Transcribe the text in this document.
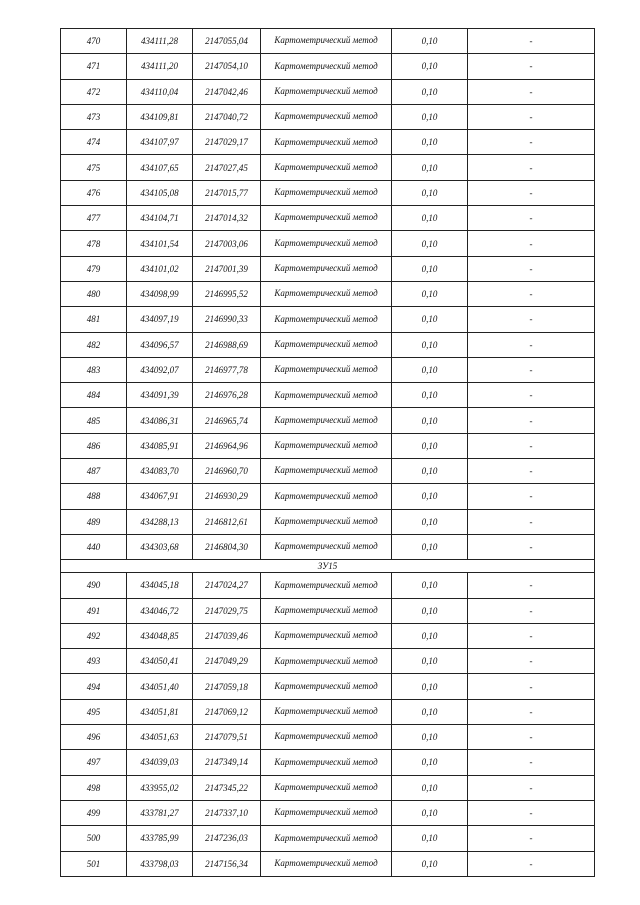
470	434111,28	2147055,04	Картометрический метод	0,10	-
471	434111,20	2147054,10	Картометрический метод	0,10	-
472	434110,04	2147042,46	Картометрический метод	0,10	-
473	434109,81	2147040,72	Картометрический метод	0,10	-
474	434107,97	2147029,17	Картометрический метод	0,10	-
475	434107,65	2147027,45	Картометрический метод	0,10	-
476	434105,08	2147015,77	Картометрический метод	0,10	-
477	434104,71	2147014,32	Картометрический метод	0,10	-
478	434101,54	2147003,06	Картометрический метод	0,10	-
479	434101,02	2147001,39	Картометрический метод	0,10	-
480	434098,99	2146995,52	Картометрический метод	0,10	-
481	434097,19	2146990,33	Картометрический метод	0,10	-
482	434096,57	2146988,69	Картометрический метод	0,10	-
483	434092,07	2146977,78	Картометрический метод	0,10	-
484	434091,39	2146976,28	Картометрический метод	0,10	-
485	434086,31	2146965,74	Картометрический метод	0,10	-
486	434085,91	2146964,96	Картометрический метод	0,10	-
487	434083,70	2146960,70	Картометрический метод	0,10	-
488	434067,91	2146930,29	Картометрический метод	0,10	-
489	434288,13	2146812,61	Картометрический метод	0,10	-
440	434303,68	2146804,30	Картометрический метод	0,10	-
ЗУ15					
490	434045,18	2147024,27	Картометрический метод	0,10	-
491	434046,72	2147029,75	Картометрический метод	0,10	-
492	434048,85	2147039,46	Картометрический метод	0,10	-
493	434050,41	2147049,29	Картометрический метод	0,10	-
494	434051,40	2147059,18	Картометрический метод	0,10	-
495	434051,81	2147069,12	Картометрический метод	0,10	-
496	434051,63	2147079,51	Картометрический метод	0,10	-
497	434039,03	2147349,14	Картометрический метод	0,10	-
498	433955,02	2147345,22	Картометрический метод	0,10	-
499	433781,27	2147337,10	Картометрический метод	0,10	-
500	433785,99	2147236,03	Картометрический метод	0,10	-
501	433798,03	2147156,34	Картометрический метод	0,10	-
